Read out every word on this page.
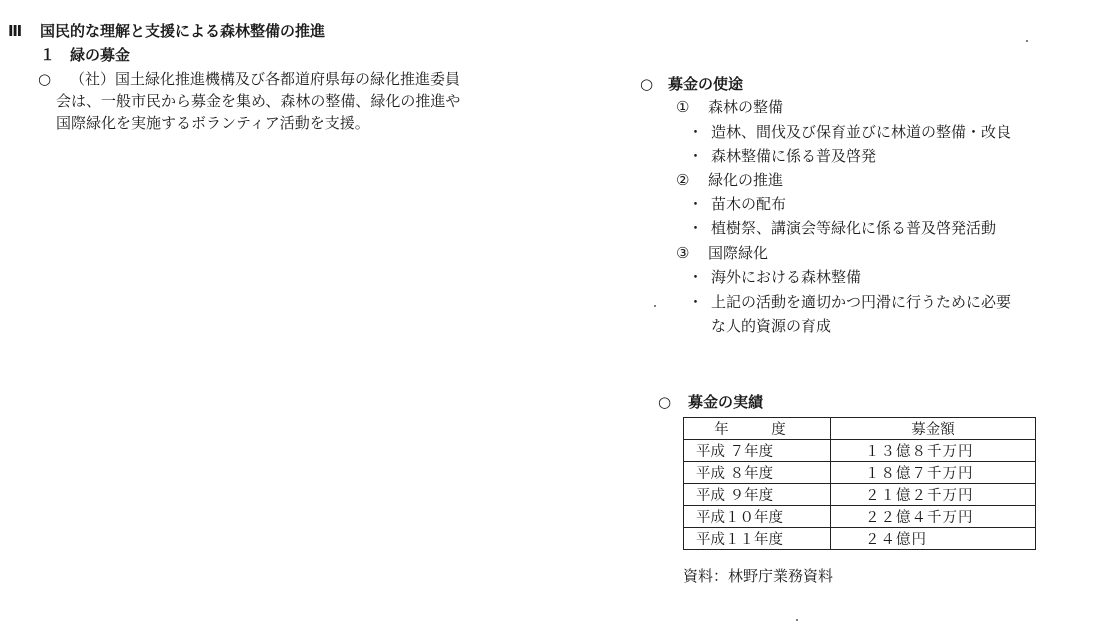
Ⅲ 国民的な理解と支援による森林整備の推進
１ 緑の募金
○ （社）国土緑化推進機構及び各都道府県毎の緑化推進委員
会は、一般市民から募金を集め、森林の整備、緑化の推進や
国際緑化を実施するボランティア活動を支援。
○ 募金の使途
① 森林の整備
・ 造林、間伐及び保育並びに林道の整備・改良
・ 森林整備に係る普及啓発
② 緑化の推進
・ 苗木の配布
・ 植樹祭、講演会等緑化に係る普及啓発活動
③ 国際緑化
・ 海外における森林整備
・ 上記の活動を適切かつ円滑に行うために必要
な人的資源の育成
○ 募金の実績
年　度	募金額
平成 ７年度	１３億８千万円
平成 ８年度	１８億７千万円
平成 ９年度	２１億２千万円
平成１０年度	２２億４千万円
平成１１年度	２４億円
資料：林野庁業務資料
